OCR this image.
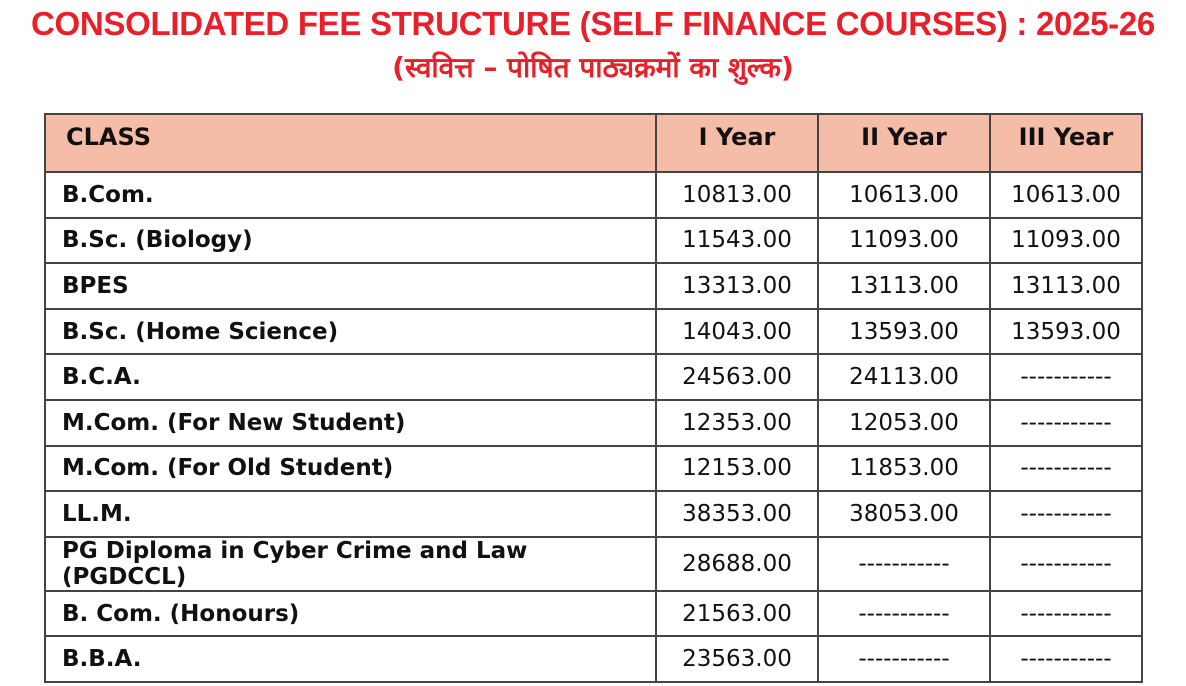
CONSOLIDATED FEE STRUCTURE (SELF FINANCE COURSES) : 2025-26
(स्ववित्त – पोषित पाठ्यक्रमों का शुल्क)
CLASS	I Year	II Year	III Year
B.Com.	10813.00	10613.00	10613.00
B.Sc. (Biology)	11543.00	11093.00	11093.00
BPES	13313.00	13113.00	13113.00
B.Sc. (Home Science)	14043.00	13593.00	13593.00
B.C.A.	24563.00	24113.00	-----------
M.Com. (For New Student)	12353.00	12053.00	-----------
M.Com. (For Old Student)	12153.00	11853.00	-----------
LL.M.	38353.00	38053.00	-----------
PG Diploma in Cyber Crime and Law (PGDCCL)	28688.00	-----------	-----------
B. Com. (Honours)	21563.00	-----------	-----------
B.B.A.	23563.00	-----------	-----------
